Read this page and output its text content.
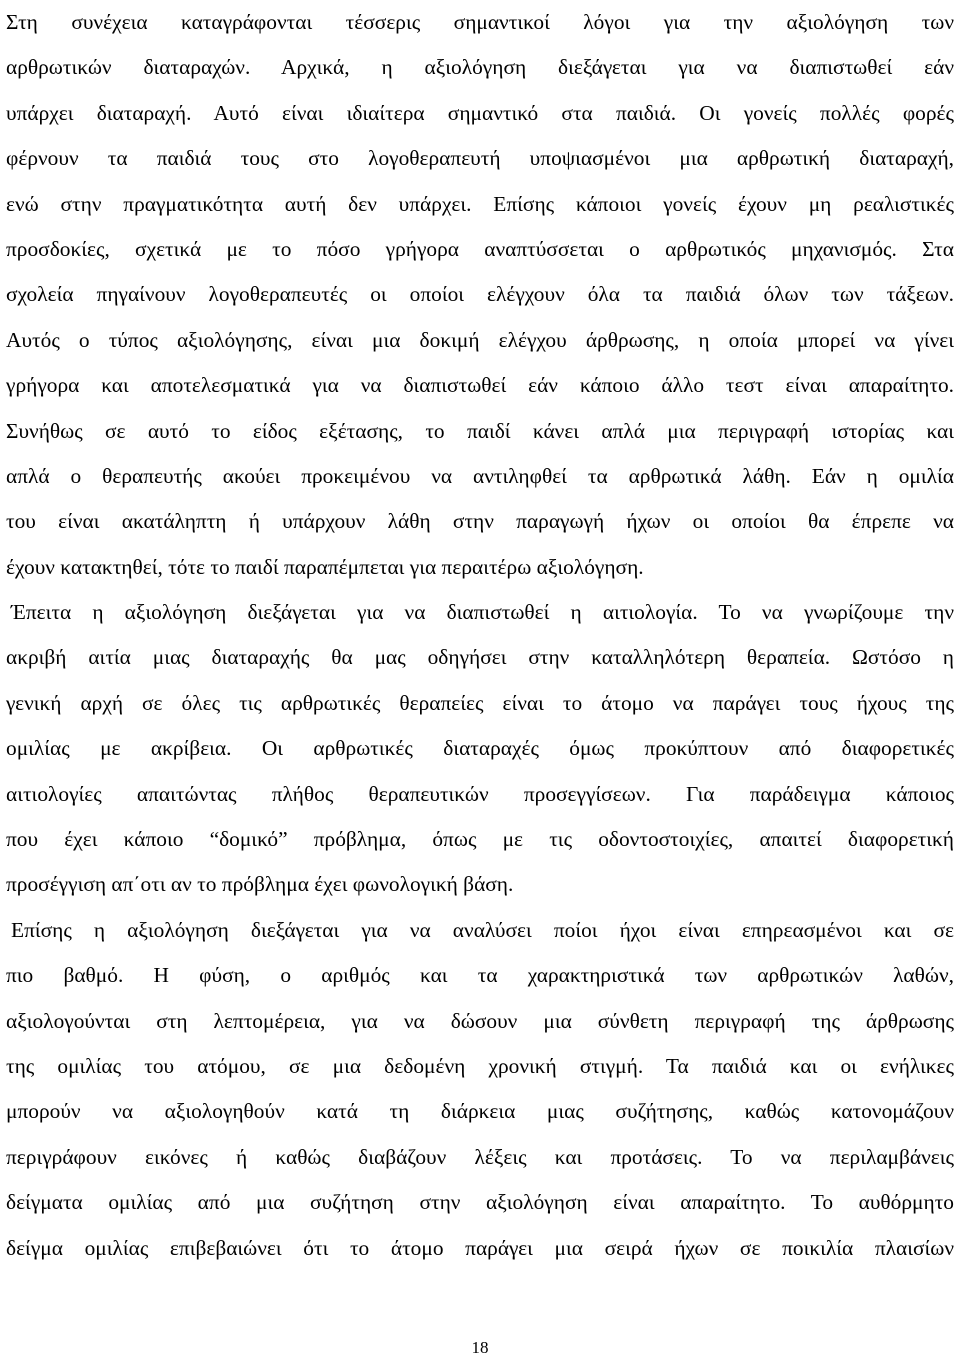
Στη συνέχεια καταγράφονται τέσσερις σημαντικοί λόγοι για την αξιολόγηση των
αρθρωτικών διαταραχών. Αρχικά, η αξιολόγηση διεξάγεται για να διαπιστωθεί εάν
υπάρχει διαταραχή. Αυτό είναι ιδιαίτερα σημαντικό στα παιδιά. Οι γονείς πολλές φορές
φέρνουν τα παιδιά τους στο λογοθεραπευτή υποψιασμένοι μια αρθρωτική διαταραχή,
ενώ στην πραγματικότητα αυτή δεν υπάρχει. Επίσης κάποιοι γονείς έχουν μη ρεαλιστικές
προσδοκίες, σχετικά με το πόσο γρήγορα αναπτύσσεται ο αρθρωτικός μηχανισμός. Στα
σχολεία πηγαίνουν λογοθεραπευτές οι οποίοι ελέγχουν όλα τα παιδιά όλων των τάξεων.
Αυτός ο τύπος αξιολόγησης, είναι μια δοκιμή ελέγχου άρθρωσης, η οποία μπορεί να γίνει
γρήγορα και αποτελεσματικά για να διαπιστωθεί εάν κάποιο άλλο τεστ είναι απαραίτητο.
Συνήθως σε αυτό το είδος εξέτασης, το παιδί κάνει απλά μια περιγραφή ιστορίας και
απλά ο θεραπευτής ακούει προκειμένου να αντιληφθεί τα αρθρωτικά λάθη. Εάν η ομιλία
του είναι ακατάληπτη ή υπάρχουν λάθη στην παραγωγή ήχων οι οποίοι θα έπρεπε να
έχουν κατακτηθεί, τότε το παιδί παραπέμπεται για περαιτέρω αξιολόγηση.
Έπειτα η αξιολόγηση διεξάγεται για να διαπιστωθεί η αιτιολογία. Το να γνωρίζουμε την
ακριβή αιτία μιας διαταραχής θα μας οδηγήσει στην καταλληλότερη θεραπεία. Ωστόσο η
γενική αρχή σε όλες τις αρθρωτικές θεραπείες είναι το άτομο να παράγει τους ήχους της
ομιλίας με ακρίβεια. Οι αρθρωτικές διαταραχές όμως προκύπτουν από διαφορετικές
αιτιολογίες απαιτώντας πλήθος θεραπευτικών προσεγγίσεων. Για παράδειγμα κάποιος
που έχει κάποιο “δομικό” πρόβλημα, όπως με τις οδοντοστοιχίες, απαιτεί διαφορετική
προσέγγιση απ΄οτι αν το πρόβλημα έχει φωνολογική βάση.
Επίσης η αξιολόγηση διεξάγεται για να αναλύσει ποίοι ήχοι είναι επηρεασμένοι και σε
πιο βαθμό. Η φύση, ο αριθμός και τα χαρακτηριστικά των αρθρωτικών λαθών,
αξιολογούνται στη λεπτομέρεια, για να δώσουν μια σύνθετη περιγραφή της άρθρωσης
της ομιλίας του ατόμου, σε μια δεδομένη χρονική στιγμή. Τα παιδιά και οι ενήλικες
μπορούν να αξιολογηθούν κατά τη διάρκεια μιας συζήτησης, καθώς κατονομάζουν
περιγράφουν εικόνες ή καθώς διαβάζουν λέξεις και προτάσεις. Το να περιλαμβάνεις
δείγματα ομιλίας από μια συζήτηση στην αξιολόγηση είναι απαραίτητο. Το αυθόρμητο
δείγμα ομιλίας επιβεβαιώνει ότι το άτομο παράγει μια σειρά ήχων σε ποικιλία πλαισίων
18
